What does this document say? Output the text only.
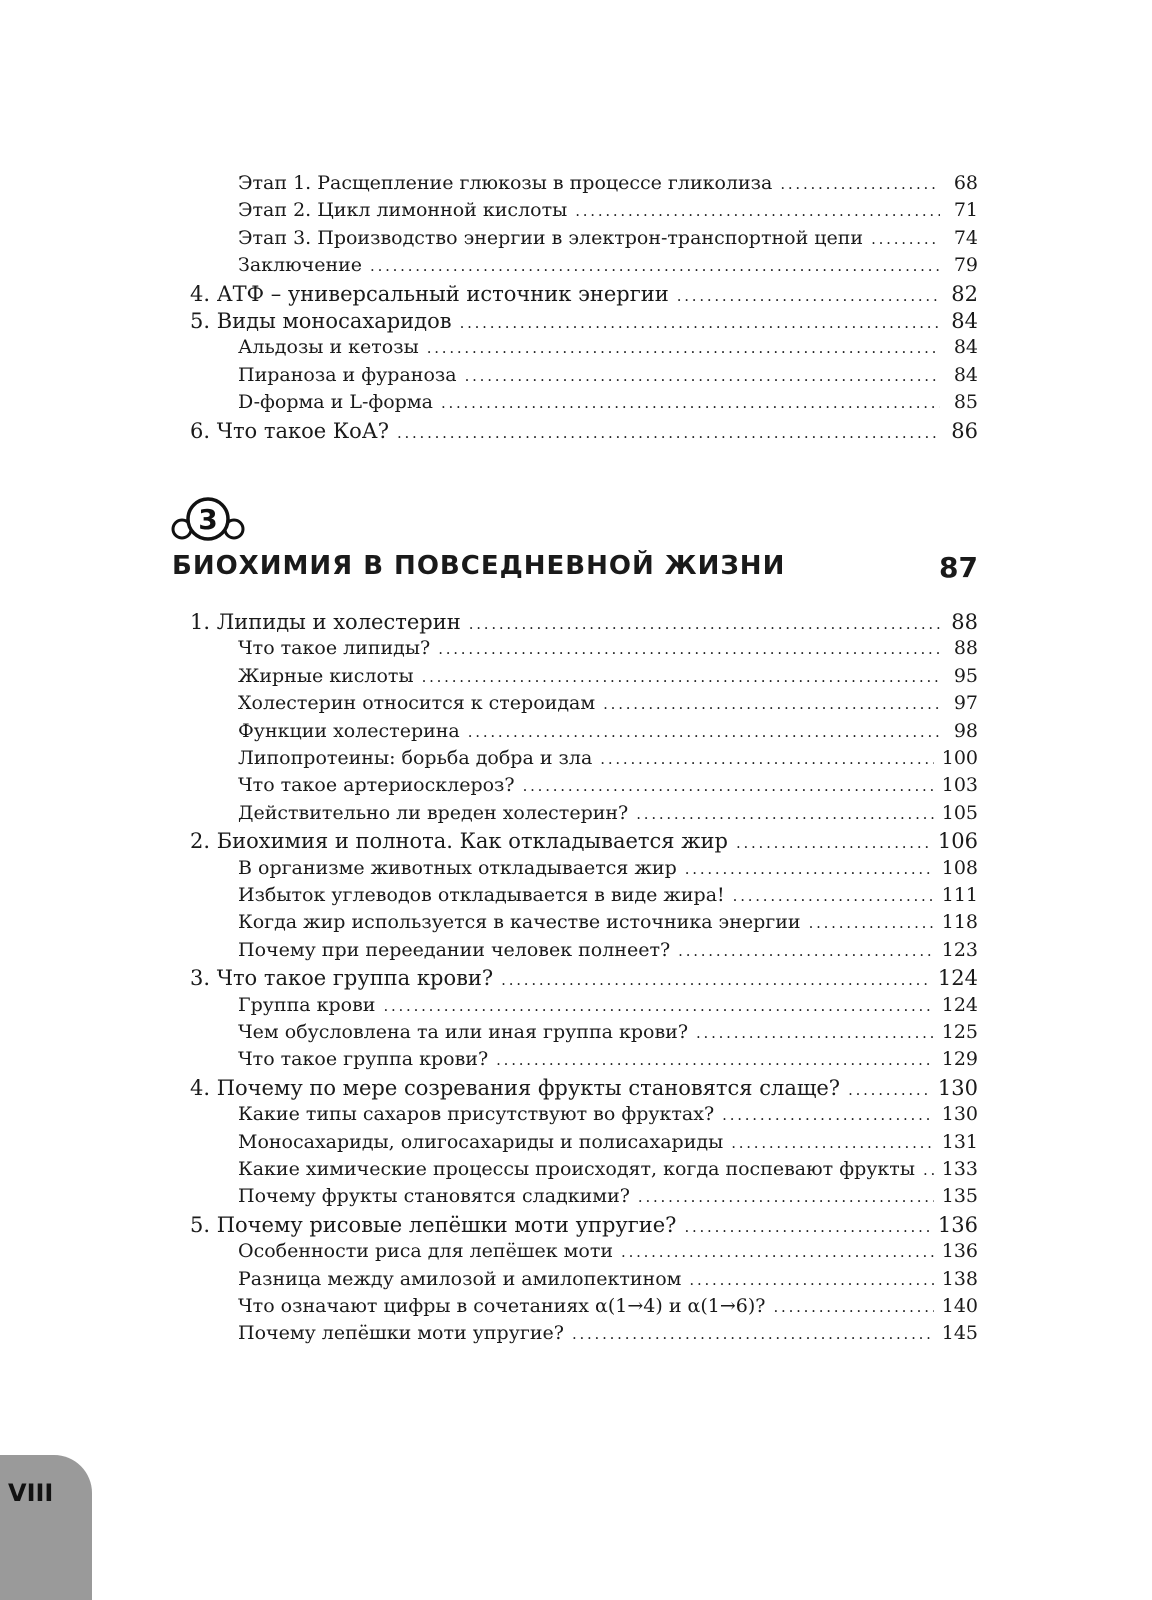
Этап 1. Расщепление глюкозы в процессе гликолиза . . .	68
Этап 2. Цикл лимонной кислоты . . .	71
Этап 3. Производство энергии в электрон-транспортной цепи . . .	74
Заключение . . .	79
4. АТФ – универсальный источник энергии . . .	82
5. Виды моносахаридов . . .	84
Альдозы и кетозы . . .	84
Пираноза и фураноза . . .	84
D-форма и L-форма . . .	85
6. Что такое КоА? . . .	86
3
БИОХИМИЯ В ПОВСЕДНЕВНОЙ ЖИЗНИ	87
1. Липиды и холестерин . . .	88
Что такое липиды? . . .	88
Жирные кислоты . . .	95
Холестерин относится к стероидам . . .	97
Функции холестерина . . .	98
Липопротеины: борьба добра и зла . . .	100
Что такое артериосклероз? . . .	103
Действительно ли вреден холестерин? . . .	105
2. Биохимия и полнота. Как откладывается жир . . .	106
В организме животных откладывается жир . . .	108
Избыток углеводов откладывается в виде жира! . . .	111
Когда жир используется в качестве источника энергии . . .	118
Почему при переедании человек полнеет? . . .	123
3. Что такое группа крови? . . .	124
Группа крови . . .	124
Чем обусловлена та или иная группа крови? . . .	125
Что такое группа крови? . . .	129
4. Почему по мере созревания фрукты становятся слаще? . . .	130
Какие типы сахаров присутствуют во фруктах? . . .	130
Моносахариды, олигосахариды и полисахариды . . .	131
Какие химические процессы происходят, когда поспевают фрукты . . . 133
Почему фрукты становятся сладкими? . . .	135
5. Почему рисовые лепёшки моти упругие? . . .	136
Особенности риса для лепёшек моти . . .	136
Разница между амилозой и амилопектином . . .	138
Что означают цифры в сочетаниях α(1→4) и α(1→6)? . . .	140
Почему лепёшки моти упругие? . . .	145
VIII
